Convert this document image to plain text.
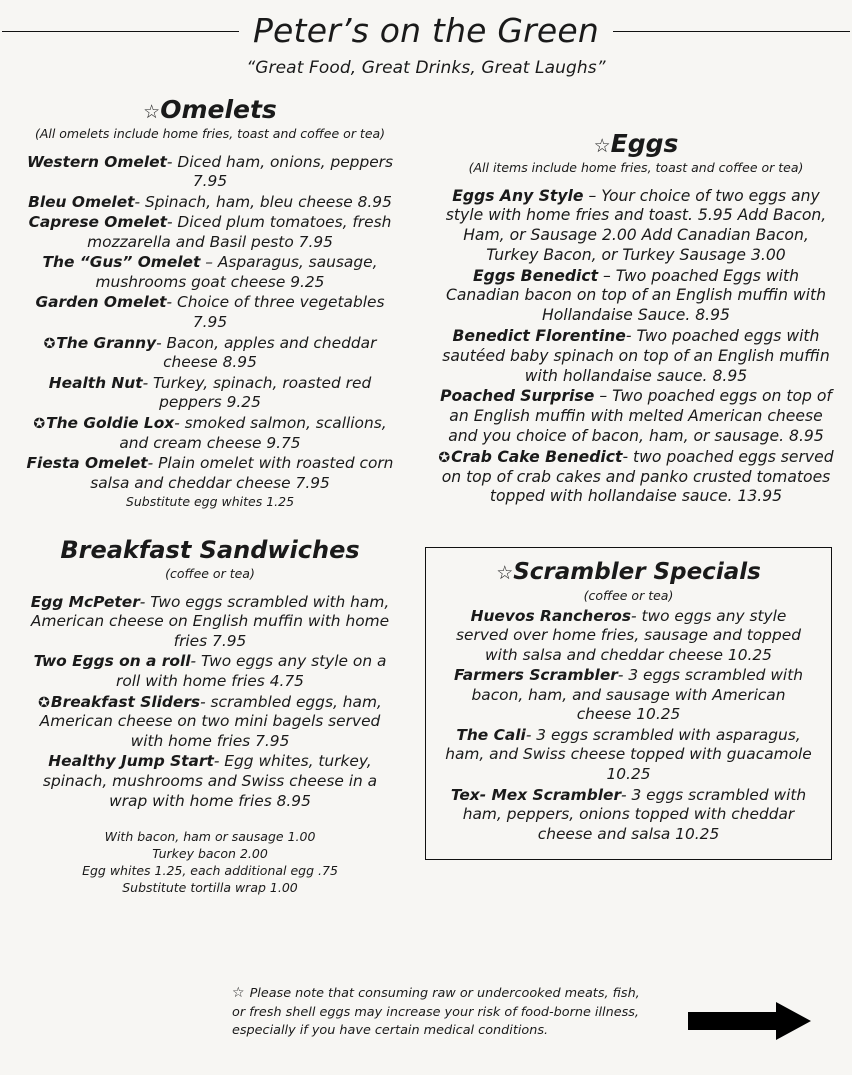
Peter’s on the Green
“Great Food, Great Drinks, Great Laughs”
☆Omelets
(All omelets include home fries, toast and coffee or tea)
Western Omelet- Diced ham, onions, peppers 7.95
Bleu Omelet- Spinach, ham, bleu cheese 8.95
Caprese Omelet- Diced plum tomatoes, fresh mozzarella and Basil pesto 7.95
The “Gus” Omelet – Asparagus, sausage, mushrooms goat cheese 9.25
Garden Omelet- Choice of three vegetables 7.95
✪The Granny- Bacon, apples and cheddar cheese 8.95
Health Nut- Turkey, spinach, roasted red peppers 9.25
✪The Goldie Lox- smoked salmon, scallions, and cream cheese 9.75
Fiesta Omelet- Plain omelet with roasted corn salsa and cheddar cheese 7.95
Substitute egg whites 1.25
Breakfast Sandwiches
(coffee or tea)
Egg McPeter- Two eggs scrambled with ham, American cheese on English muffin with home fries 7.95
Two Eggs on a roll- Two eggs any style on a roll with home fries 4.75
✪Breakfast Sliders- scrambled eggs, ham, American cheese on two mini bagels served with home fries 7.95
Healthy Jump Start- Egg whites, turkey, spinach, mushrooms and Swiss cheese in a wrap with home fries 8.95
With bacon, ham or sausage 1.00
Turkey bacon 2.00
Egg whites 1.25, each additional egg .75
Substitute tortilla wrap 1.00
☆Eggs
(All items include home fries, toast and coffee or tea)
Eggs Any Style – Your choice of two eggs any style with home fries and toast. 5.95 Add Bacon, Ham, or Sausage 2.00 Add Canadian Bacon, Turkey Bacon, or Turkey Sausage 3.00
Eggs Benedict – Two poached Eggs with Canadian bacon on top of an English muffin with Hollandaise Sauce. 8.95
Benedict Florentine- Two poached eggs with sautéed baby spinach on top of an English muffin with hollandaise sauce. 8.95
Poached Surprise – Two poached eggs on top of an English muffin with melted American cheese and you choice of bacon, ham, or sausage. 8.95
✪Crab Cake Benedict- two poached eggs served on top of crab cakes and panko crusted tomatoes topped with hollandaise sauce. 13.95
☆Scrambler Specials
(coffee or tea)
Huevos Rancheros- two eggs any style served over home fries, sausage and topped with salsa and cheddar cheese 10.25
Farmers Scrambler- 3 eggs scrambled with bacon, ham, and sausage with American cheese 10.25
The Cali- 3 eggs scrambled with asparagus, ham, and Swiss cheese topped with guacamole 10.25
Tex- Mex Scrambler- 3 eggs scrambled with ham, peppers, onions topped with cheddar cheese and salsa 10.25
☆ Please note that consuming raw or undercooked meats, fish, or fresh shell eggs may increase your risk of food-borne illness, especially if you have certain medical conditions.
